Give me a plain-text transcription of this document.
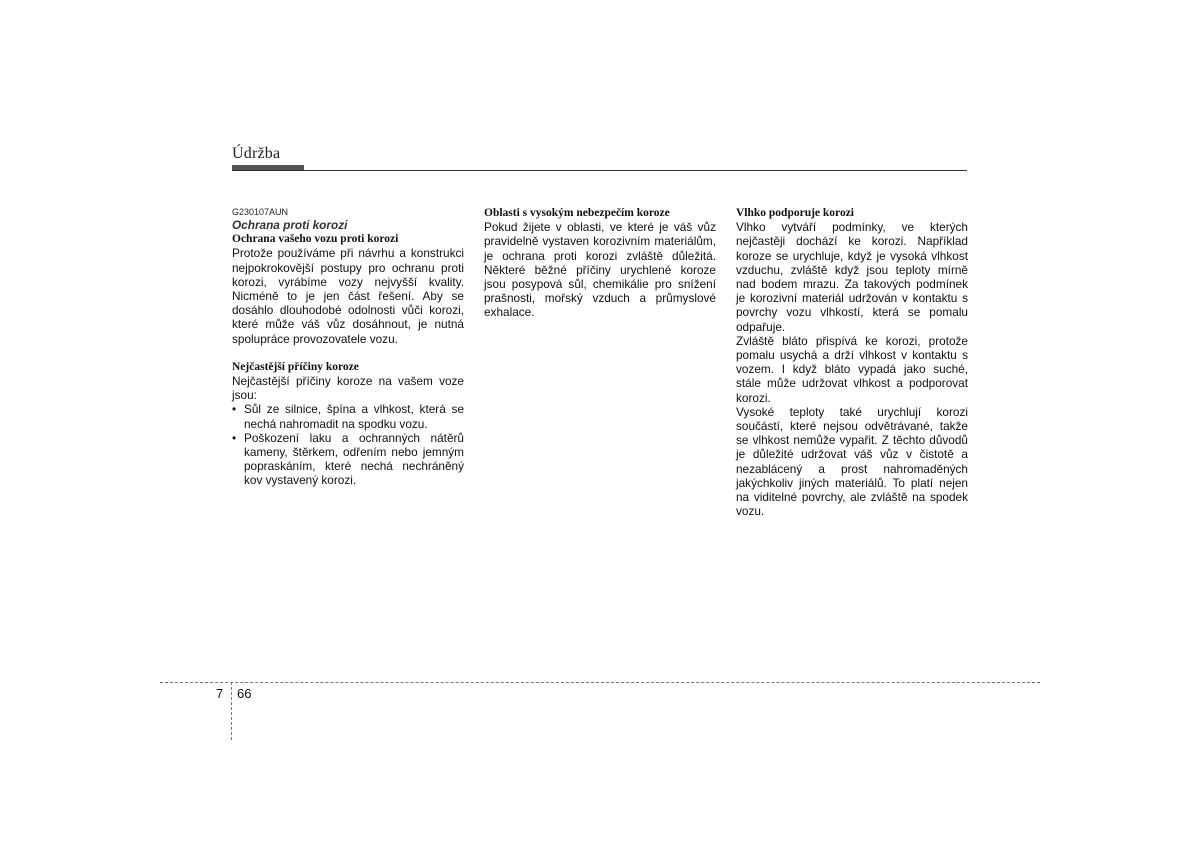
Údržba

G230107AUN

Ochrana proti korozi

Ochrana vašeho vozu proti korozi

Protože používáme při návrhu a konstrukci nejpokrokovější postupy pro ochranu proti korozi, vyrábíme vozy nejvyšší kvality. Nicméně to je jen část řešení. Aby se dosáhlo dlouhodobé odolnosti vůči korozi, které může váš vůz dosáhnout, je nutná spolupráce provozovatele vozu.

Nejčastější příčiny koroze

Nejčastější příčiny koroze na vašem voze jsou:

• Sůl ze silnice, špína a vlhkost, která se nechá nahromadit na spodku vozu.
• Poškození laku a ochranných nátěrů kameny, štěrkem, odřením nebo jemným popraskáním, které nechá nechráněný kov vystavený korozi.

Oblasti s vysokým nebezpečím koroze

Pokud žijete v oblasti, ve které je váš vůz pravidelně vystaven korozivním materiálům, je ochrana proti korozi zvláště důležitá. Některé běžné příčiny urychlené koroze jsou posypová sůl, chemikálie pro snížení prašnosti, mořský vzduch a průmyslové exhalace.

Vlhko podporuje korozi

Vlhko vytváří podmínky, ve kterých nejčastěji dochází ke korozi. Například koroze se urychluje, když je vysoká vlhkost vzduchu, zvláště když jsou teploty mírně nad bodem mrazu. Za takových podmínek je korozivní materiál udržován v kontaktu s povrchy vozu vlhkostí, která se pomalu odpařuje.

Zvláště bláto přispívá ke korozi, protože pomalu usychá a drží vlhkost v kontaktu s vozem. I když bláto vypadá jako suché, stále může udržovat vlhkost a podporovat korozi.

Vysoké teploty také urychlují korozi součástí, které nejsou odvětrávané, takže se vlhkost nemůže vypařit. Z těchto důvodů je důležité udržovat váš vůz v čistotě a nezablácený a prost nahromaděných jakýchkoliv jiných materiálů. To platí nejen na viditelné povrchy, ale zvláště na spodek vozu.

7 66
